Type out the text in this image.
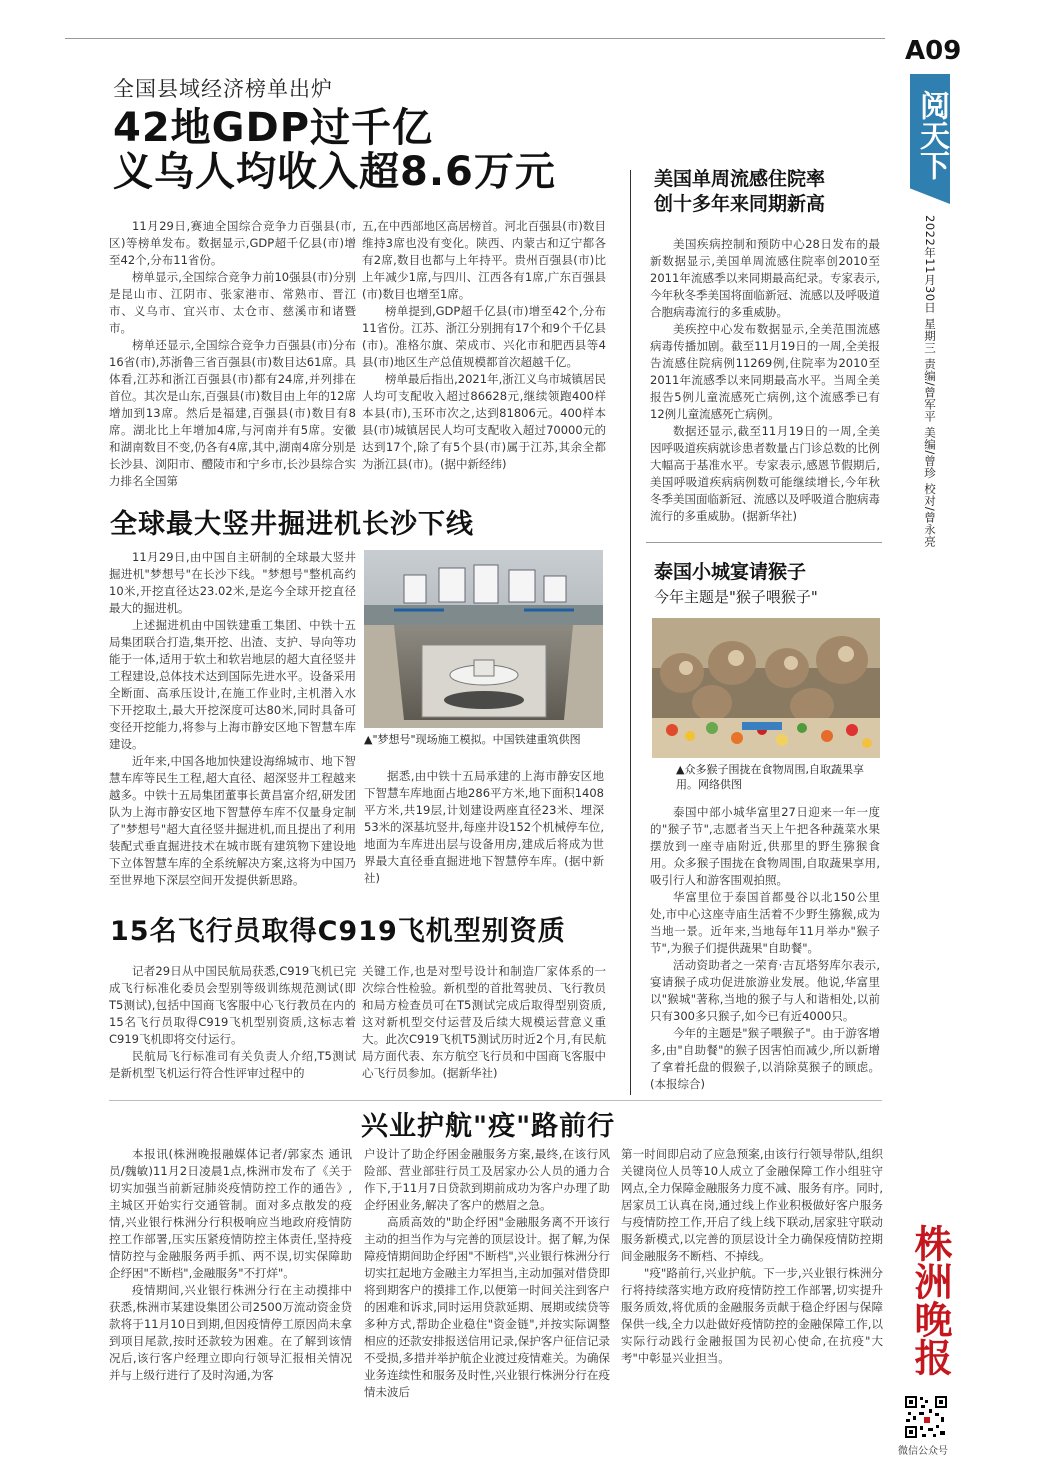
A09
阅天下
2022年11月30日 星期三 责编/曾军平 美编/曾珍 校对/曾永亮
株洲晚报
微信公众号
全国县域经济榜单出炉
42地GDP过千亿
义乌人均收入超8.6万元

11月29日,赛迪全国综合竞争力百强县(市,区)等榜单发布。数据显示,GDP超千亿县(市)增至42个,分布11省份。

榜单显示,全国综合竞争力前10强县(市)分别是昆山市、江阴市、张家港市、常熟市、晋江市、义乌市、宜兴市、太仓市、慈溪市和诸暨市。

榜单还显示,全国综合竞争力百强县(市)分布16省(市),苏浙鲁三省百强县(市)数目达61席。具体看,江苏和浙江百强县(市)都有24席,并列排在首位。其次是山东,百强县(市)数目由上年的12席增加到13席。然后是福建,百强县(市)数目有8席。湖北比上年增加4席,与河南并有5席。安徽和湖南数目不变,仍各有4席,其中,湖南4席分别是长沙县、浏阳市、醴陵市和宁乡市,长沙县综合实力排名全国第

五,在中西部地区高居榜首。河北百强县(市)数目维持3席也没有变化。陕西、内蒙古和辽宁都各有2席,数目也都与上年持平。贵州百强县(市)比上年减少1席,与四川、江西各有1席,广东百强县(市)数目也增至1席。

榜单提到,GDP超千亿县(市)增至42个,分布11省份。江苏、浙江分别拥有17个和9个千亿县(市)。准格尔旗、荣成市、兴化市和肥西县等4县(市)地区生产总值规模都首次超越千亿。

榜单最后指出,2021年,浙江义乌市城镇居民人均可支配收入超过86628元,继续领跑400样本县(市),玉环市次之,达到81806元。400样本县(市)城镇居民人均可支配收入超过70000元的达到17个,除了有5个县(市)属于江苏,其余全都为浙江县(市)。(据中新经纬)

全球最大竖井掘进机长沙下线

11月29日,由中国自主研制的全球最大竖井掘进机"梦想号"在长沙下线。"梦想号"整机高约10米,开挖直径达23.02米,是迄今全球开挖直径最大的掘进机。

上述掘进机由中国铁建重工集团、中铁十五局集团联合打造,集开挖、出渣、支护、导向等功能于一体,适用于软土和软岩地层的超大直径竖井工程建设,总体技术达到国际先进水平。设备采用全断面、高承压设计,在施工作业时,主机潜入水下开挖取土,最大开挖深度可达80米,同时具备可变径开挖能力,将参与上海市静安区地下智慧车库建设。

近年来,中国各地加快建设海绵城市、地下智慧车库等民生工程,超大直径、超深竖井工程越来越多。中铁十五局集团董事长黄昌富介绍,研发团队为上海市静安区地下智慧停车库不仅量身定制了"梦想号"超大直径竖井掘进机,而且提出了利用装配式垂直掘进技术在城市既有建筑物下建设地下立体智慧车库的全系统解决方案,这将为中国乃至世界地下深层空间开发提供新思路。

▲"梦想号"现场施工模拟。中国铁建重筑供图

据悉,由中铁十五局承建的上海市静安区地下智慧车库地面占地286平方米,地下面积1408平方米,共19层,计划建设两座直径23米、埋深53米的深基坑竖井,每座井设152个机械停车位,地面为车库进出层与设备用房,建成后将成为世界最大直径垂直掘进地下智慧停车库。(据中新社)

15名飞行员取得C919飞机型别资质

记者29日从中国民航局获悉,C919飞机已完成飞行标准化委员会型别等级训练规范测试(即T5测试),包括中国商飞客服中心飞行教员在内的15名飞行员取得C919飞机型别资质,这标志着C919飞机即将交付运行。

民航局飞行标准司有关负责人介绍,T5测试是新机型飞机运行符合性评审过程中的

关键工作,也是对型号设计和制造厂家体系的一次综合性检验。新机型的首批驾驶员、飞行教员和局方检查员可在T5测试完成后取得型别资质,这对新机型交付运营及后续大规模运营意义重大。此次C919飞机T5测试历时近2个月,有民航局方面代表、东方航空飞行员和中国商飞客服中心飞行员参加。(据新华社)

美国单周流感住院率
创十多年来同期新高

美国疾病控制和预防中心28日发布的最新数据显示,美国单周流感住院率创2010至2011年流感季以来同期最高纪录。专家表示,今年秋冬季美国将面临新冠、流感以及呼吸道合胞病毒流行的多重威胁。

美疾控中心发布数据显示,全美范围流感病毒传播加剧。截至11月19日的一周,全美报告流感住院病例11269例,住院率为2010至2011年流感季以来同期最高水平。当周全美报告5例儿童流感死亡病例,这个流感季已有12例儿童流感死亡病例。

数据还显示,截至11月19日的一周,全美因呼吸道疾病就诊患者数量占门诊总数的比例大幅高于基准水平。专家表示,感恩节假期后,美国呼吸道疾病病例数可能继续增长,今年秋冬季美国面临新冠、流感以及呼吸道合胞病毒流行的多重威胁。(据新华社)

泰国小城宴请猴子
今年主题是"猴子喂猴子"
▲众多猴子围拢在食物周围,自取蔬果享用。网络供图

泰国中部小城华富里27日迎来一年一度的"猴子节",志愿者当天上午把各种蔬菜水果摆放到一座寺庙附近,供那里的野生猕猴食用。众多猴子围拢在食物周围,自取蔬果享用,吸引行人和游客围观拍照。

华富里位于泰国首都曼谷以北150公里处,市中心这座寺庙生活着不少野生猕猴,成为当地一景。近年来,当地每年11月举办"猴子节",为猴子们提供蔬果"自助餐"。

活动资助者之一荣育·吉瓦塔努库尔表示,宴请猴子成功促进旅游业发展。他说,华富里以"猴城"著称,当地的猴子与人和谐相处,以前只有300多只猴子,如今已有近4000只。

今年的主题是"猴子喂猴子"。由于游客增多,由"自助餐"的猴子因害怕而减少,所以新增了拿着托盘的假猴子,以消除莫猴子的顾虑。(本报综合)

兴业护航"疫"路前行

本报讯(株洲晚报融媒体记者/郭家杰 通讯员/魏敏)11月2日凌晨1点,株洲市发布了《关于切实加强当前新冠肺炎疫情防控工作的通告》,主城区开始实行交通管制。面对多点散发的疫情,兴业银行株洲分行积极响应当地政府疫情防控工作部署,压实压紧疫情防控主体责任,坚持疫情防控与金融服务两手抓、两不误,切实保障助企纾困"不断档",金融服务"不打烊"。

疫情期间,兴业银行株洲分行在主动摸排中获悉,株洲市某建设集团公司2500万流动资金贷款将于11月10日到期,但因疫情停工原因尚未拿到项目尾款,按时还款较为困难。在了解到该情况后,该行客户经理立即向行领导汇报相关情况并与上级行进行了及时沟通,为客

户设计了助企纾困金融服务方案,最终,在该行风险部、营业部驻行员工及居家办公人员的通力合作下,于11月7日贷款到期前成功为客户办理了助企纾困业务,解决了客户的燃眉之急。

高质高效的"助企纾困"金融服务离不开该行主动的担当作为与完善的顶层设计。据了解,为保障疫情期间助企纾困"不断档",兴业银行株洲分行切实扛起地方金融主力军担当,主动加强对借贷即将到期客户的摸排工作,以便第一时间关注到客户的困难和诉求,同时运用贷款延期、展期或续贷等多种方式,帮助企业稳住"资金链",并按实际调整相应的还款安排报送信用记录,保护客户征信记录不受损,多措并举护航企业渡过疫情难关。为确保业务连续性和服务及时性,兴业银行株洲分行在疫情未波后

第一时间即启动了应急预案,由该行行领导带队,组织关键岗位人员等10人成立了金融保障工作小组驻守网点,全力保障金融服务力度不减、服务有序。同时,居家员工认真在岗,通过线上作业积极做好客户服务与疫情防控工作,开启了线上线下联动,居家驻守联动服务新模式,以完善的顶层设计全力确保疫情防控期间金融服务不断档、不掉线。

"疫"路前行,兴业护航。下一步,兴业银行株洲分行将持续落实地方政府疫情防控工作部署,切实提升服务质效,将优质的金融服务贡献于稳企纾困与保障保供一线,全力以赴做好疫情防控的金融保障工作,以实际行动践行金融报国为民初心使命,在抗疫"大考"中彰显兴业担当。
